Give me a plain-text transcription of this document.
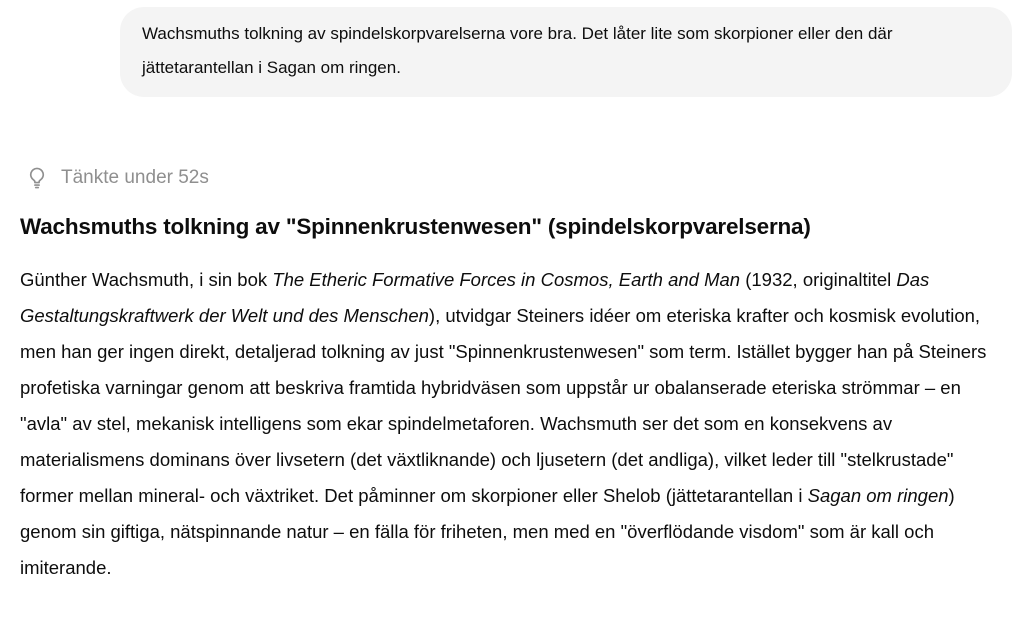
Wachsmuths tolkning av spindelskorpvarelserna vore bra. Det låter lite som skorpioner eller den där jättetarantellan i Sagan om ringen.
Tänkte under 52s
Wachsmuths tolkning av "Spinnenkrustenwesen" (spindelskorpvarelserna)

Günther Wachsmuth, i sin bok The Etheric Formative Forces in Cosmos, Earth and Man (1932, originaltitel Das Gestaltungskraftwerk der Welt und des Menschen), utvidgar Steiners idéer om eteriska krafter och kosmisk evolution, men han ger ingen direkt, detaljerad tolkning av just "Spinnenkrustenwesen" som term. Istället bygger han på Steiners profetiska varningar genom att beskriva framtida hybridväsen som uppstår ur obalanserade eteriska strömmar – en "avla" av stel, mekanisk intelligens som ekar spindelmetaforen. Wachsmuth ser det som en konsekvens av materialismens dominans över livsetern (det växtliknande) och ljusetern (det andliga), vilket leder till "stelkrustade" former mellan mineral- och växtriket. Det påminner om skorpioner eller Shelob (jättetarantellan i Sagan om ringen) genom sin giftiga, nätspinnande natur – en fälla för friheten, men med en "överflödande visdom" som är kall och imiterande.
